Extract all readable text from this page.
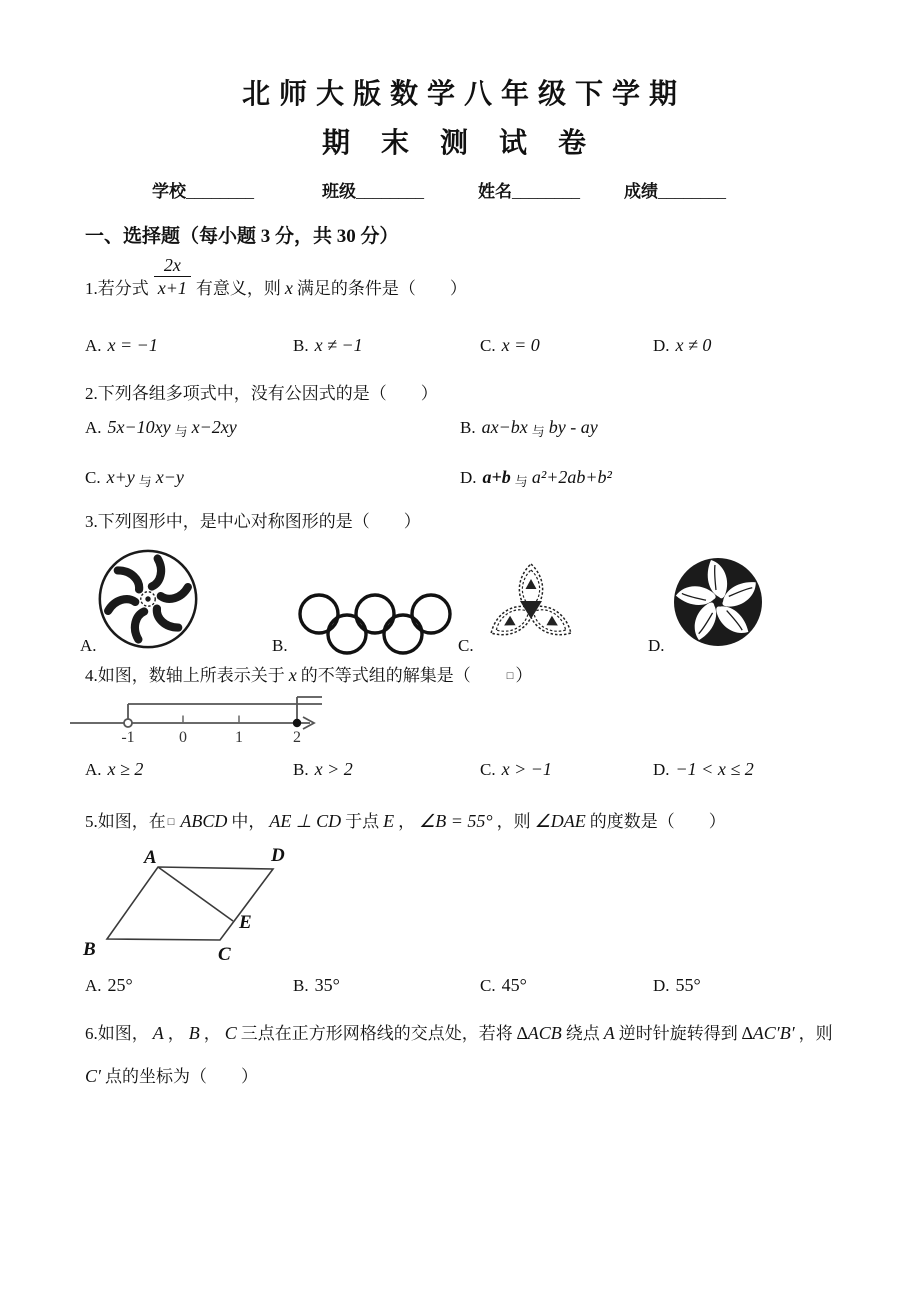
北 师 大 版 数 学 八 年 级 下 学 期
期 末 测 试 卷
学校________	班级________	姓名________	成绩________
一、选择题（每小题 3 分，共 30 分）
1.若分式 $\frac{2x}{x+1}$ 有意义，则 x 满足的条件是（　　）
A. x = −1	B. x ≠ −1	C. x = 0	D. x ≠ 0
2.下列各组多项式中，没有公因式的是（　　）
A. 5x−10xy 与 x−2xy	B. ax−bx 与 by - ay
C. x+y 与 x−y	D. a+b 与 a²+2ab+b²
3.下列图形中，是中心对称图形的是（　　）
A.	B.	C.	D.
4.如图，数轴上所表示关于 x 的不等式组的解集是（　　□ ）
-1	0	1	2
A. x ≥ 2	B. x > 2	C. x > −1	D. −1 < x ≤ 2
5.如图，在 □ ABCD 中， AE ⊥ CD 于点 E ， ∠B = 55° ，则 ∠DAE 的度数是（　　）
A	D
B	C
E
A. 25°	B. 35°	C. 45°	D. 55°
6.如图， A ， B ， C 三点在正方形网格线的交点处，若将 ∆ACB 绕点 A 逆时针旋转得到 ∆AC′B′ ，则
C′ 点的坐标为（　　）
